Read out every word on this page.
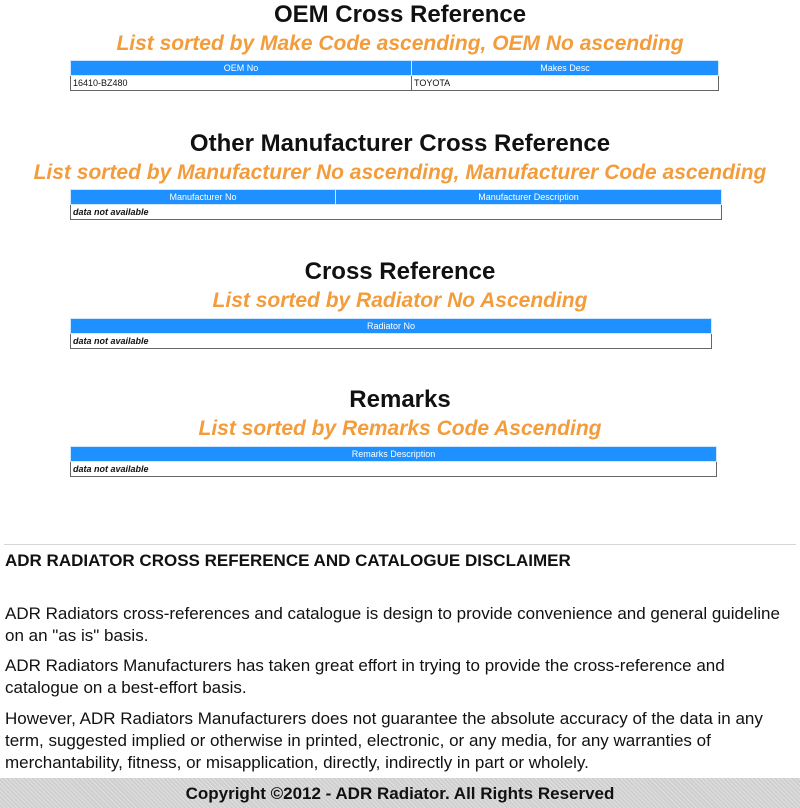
OEM Cross Reference

List sorted by Make Code ascending, OEM No ascending

OEM No	Makes Desc
16410-BZ480	TOYOTA
Other Manufacturer Cross Reference

List sorted by Manufacturer No ascending, Manufacturer Code ascending

Manufacturer No	Manufacturer Description
data not available
Cross Reference

List sorted by Radiator No Ascending

Radiator No
data not available
Remarks

List sorted by Remarks Code Ascending

Remarks Description
data not available
ADR RADIATOR CROSS REFERENCE AND CATALOGUE DISCLAIMER

ADR Radiators cross-references and catalogue is design to provide convenience and general guideline on an "as is" basis.

ADR Radiators Manufacturers has taken great effort in trying to provide the cross-reference and catalogue on a best-effort basis.

However, ADR Radiators Manufacturers does not guarantee the absolute accuracy of the data in any term, suggested implied or otherwise in printed, electronic, or any media, for any warranties of merchantability, fitness, or misapplication, directly, indirectly in part or wholely.

Copyright ©2012 - ADR Radiator. All Rights Reserved
